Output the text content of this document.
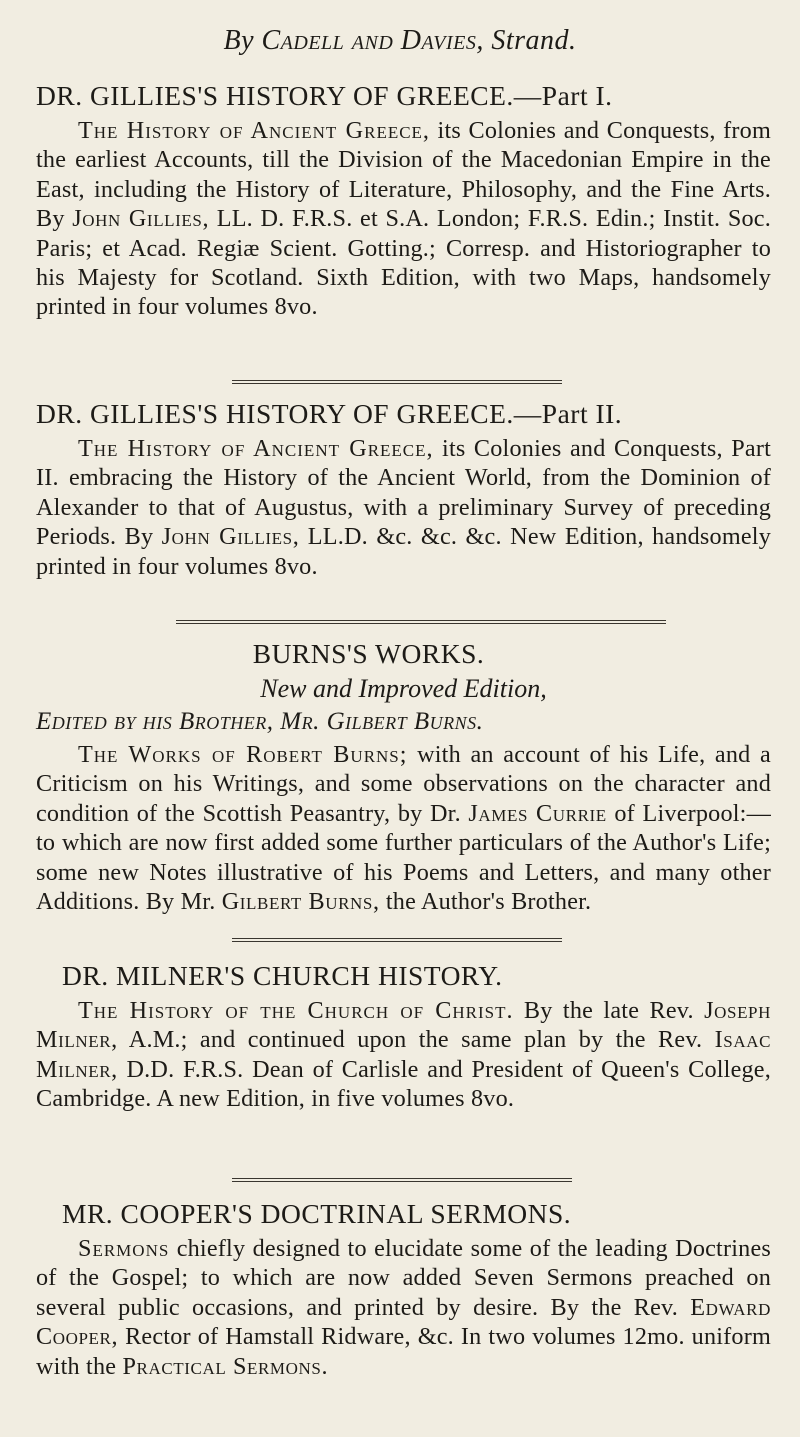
By Cadell and Davies, Strand.
DR. GILLIES'S HISTORY OF GREECE.—Part I.

The History of Ancient Greece, its Colonies and Conquests, from the earliest Accounts, till the Division of the Macedonian Empire in the East, including the History of Literature, Philosophy, and the Fine Arts. By John Gillies, LL. D. F.R.S. et S.A. London; F.R.S. Edin.; Instit. Soc. Paris; et Acad. Regiæ Scient. Gotting.; Corresp. and Historiographer to his Majesty for Scotland. Sixth Edition, with two Maps, handsomely printed in four volumes 8vo.

DR. GILLIES'S HISTORY OF GREECE.—Part II.

The History of Ancient Greece, its Colonies and Conquests, Part II. embracing the History of the Ancient World, from the Dominion of Alexander to that of Augustus, with a preliminary Survey of preceding Periods. By John Gillies, LL.D. &c. &c. &c. New Edition, handsomely printed in four volumes 8vo.

BURNS'S WORKS.

New and Improved Edition,

Edited by his Brother, Mr. Gilbert Burns.

The Works of Robert Burns; with an account of his Life, and a Criticism on his Writings, and some observations on the character and condition of the Scottish Peasantry, by Dr. James Currie of Liverpool:—to which are now first added some further particulars of the Author's Life; some new Notes illustrative of his Poems and Letters, and many other Additions. By Mr. Gilbert Burns, the Author's Brother.

DR. MILNER'S CHURCH HISTORY.

The History of the Church of Christ. By the late Rev. Joseph Milner, A.M.; and continued upon the same plan by the Rev. Isaac Milner, D.D. F.R.S. Dean of Carlisle and President of Queen's College, Cambridge. A new Edition, in five volumes 8vo.

MR. COOPER'S DOCTRINAL SERMONS.

Sermons chiefly designed to elucidate some of the leading Doctrines of the Gospel; to which are now added Seven Sermons preached on several public occasions, and printed by desire. By the Rev. Edward Cooper, Rector of Hamstall Ridware, &c. In two volumes 12mo. uniform with the Practical Sermons.
